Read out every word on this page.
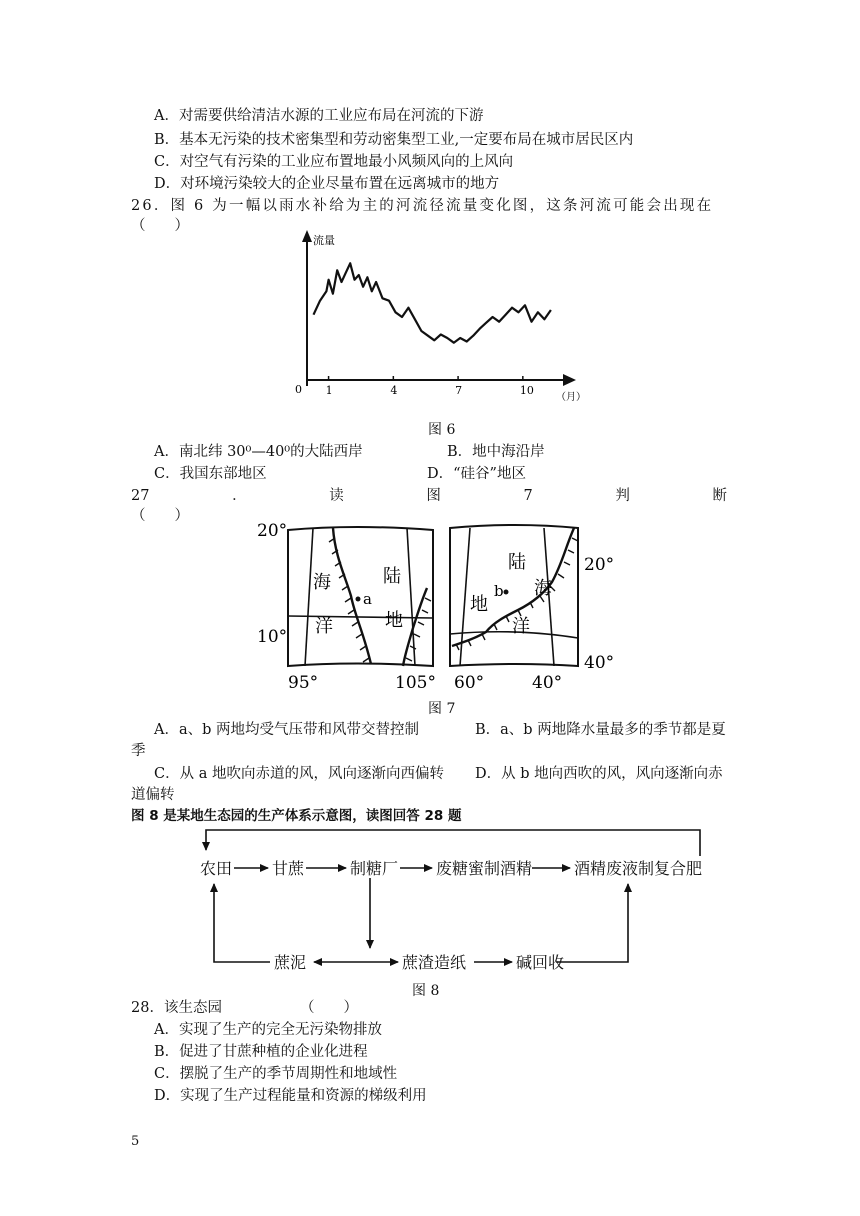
A．对需要供给清洁水源的工业应布局在河流的下游
B．基本无污染的技术密集型和劳动密集型工业,一定要布局在城市居民区内
C．对空气有污染的工业应布置地最小风频风向的上风向
D．对环境污染较大的企业尽量布置在远离城市的地方
26．图 6 为一幅以雨水补给为主的河流径流量变化图，这条河流可能会出现在
（　　）
流量
（月）
0 1	4	7	10
图 6
A．南北纬 30⁰—40⁰的大陆西岸	B．地中海沿岸
C．我国东部地区	D．“硅谷”地区
27	．	读	图	7	判	断
（　　）
20°
10°
95°	105°
海
洋
陆
地
a
20°
40°
60°	40°
陆
地
海
洋
b
图 7
A．a、b 两地均受气压带和风带交替控制	B．a、b 两地降水量最多的季节都是夏
季
C．从 a 地吹向赤道的风，风向逐渐向西偏转 D．从 b 地向西吹的风，风向逐渐向赤
道偏转
图 8 是某地生态园的生产体系示意图，读图回答 28 题
农田 甘蔗	制糖厂 废糖蜜制酒精	酒精废液制复合肥
蔗泥	蔗渣造纸	碱回收
图 8
28．该生态园	（　　）
A．实现了生产的完全无污染物排放
B．促进了甘蔗种植的企业化进程
C．摆脱了生产的季节周期性和地域性
D．实现了生产过程能量和资源的梯级利用
5
